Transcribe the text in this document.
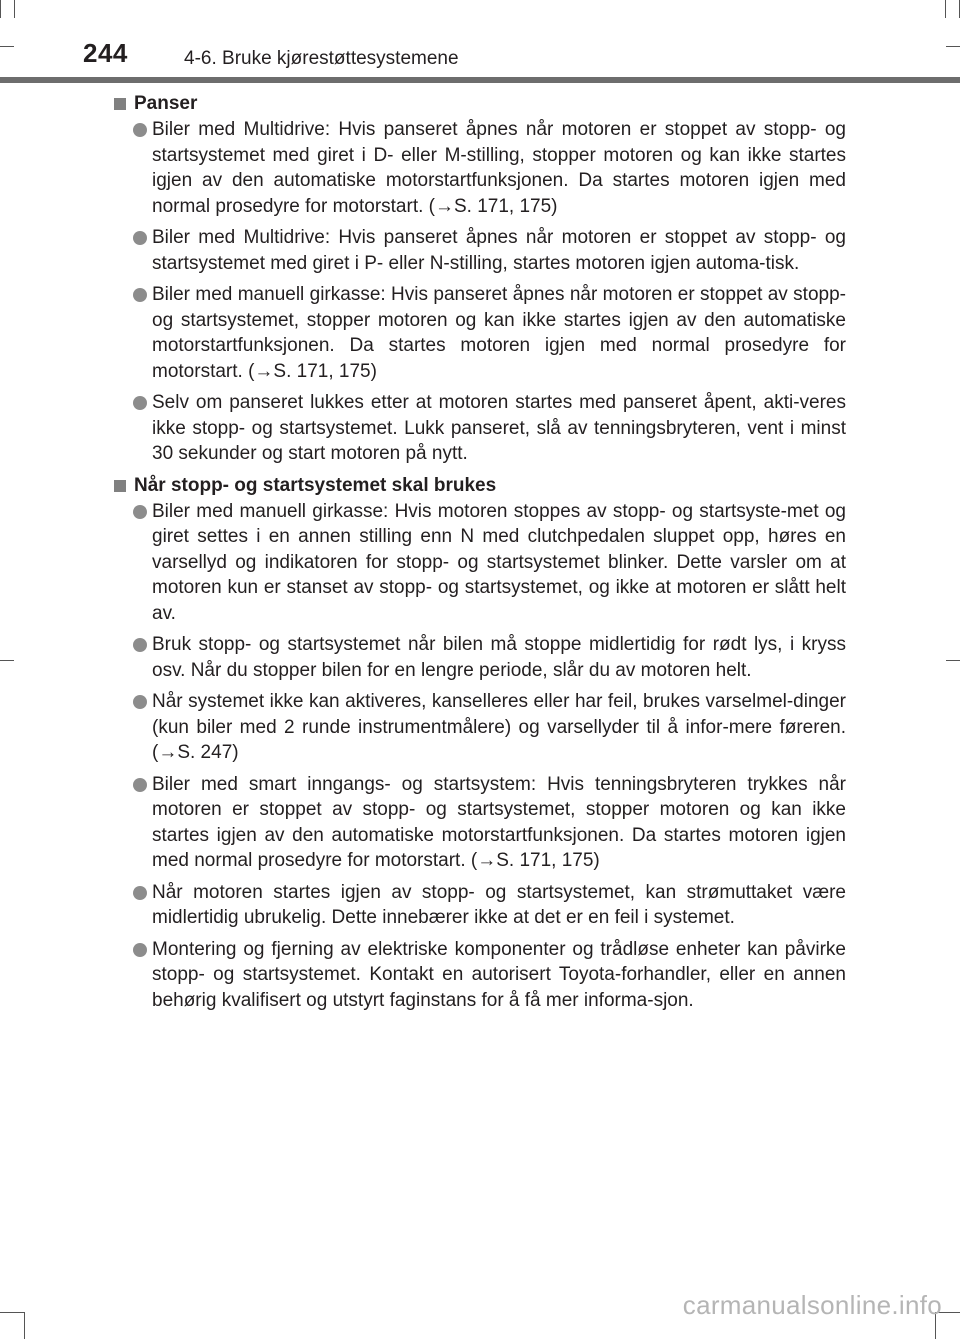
244	4-6. Bruke kjørestøttesystemene
Panser
Biler med Multidrive: Hvis panseret åpnes når motoren er stoppet av stopp- og startsystemet med giret i D- eller M-stilling, stopper motoren og kan ikke startes igjen av den automatiske motorstartfunksjonen. Da startes motoren igjen med normal prosedyre for motorstart. (→S. 171, 175)
Biler med Multidrive: Hvis panseret åpnes når motoren er stoppet av stopp- og startsystemet med giret i P- eller N-stilling, startes motoren igjen automa-tisk.
Biler med manuell girkasse: Hvis panseret åpnes når motoren er stoppet av stopp- og startsystemet, stopper motoren og kan ikke startes igjen av den automatiske motorstartfunksjonen. Da startes motoren igjen med normal prosedyre for motorstart. (→S. 171, 175)
Selv om panseret lukkes etter at motoren startes med panseret åpent, akti-veres ikke stopp- og startsystemet. Lukk panseret, slå av tenningsbryteren, vent i minst 30 sekunder og start motoren på nytt.
Når stopp- og startsystemet skal brukes
Biler med manuell girkasse: Hvis motoren stoppes av stopp- og startsyste-met og giret settes i en annen stilling enn N med clutchpedalen sluppet opp, høres en varsellyd og indikatoren for stopp- og startsystemet blinker. Dette varsler om at motoren kun er stanset av stopp- og startsystemet, og ikke at motoren er slått helt av.
Bruk stopp- og startsystemet når bilen må stoppe midlertidig for rødt lys, i kryss osv. Når du stopper bilen for en lengre periode, slår du av motoren helt.
Når systemet ikke kan aktiveres, kanselleres eller har feil, brukes varselmel-dinger (kun biler med 2 runde instrumentmålere) og varsellyder til å infor-mere føreren. (→S. 247)
Biler med smart inngangs- og startsystem: Hvis tenningsbryteren trykkes når motoren er stoppet av stopp- og startsystemet, stopper motoren og kan ikke startes igjen av den automatiske motorstartfunksjonen. Da startes motoren igjen med normal prosedyre for motorstart. (→S. 171, 175)
Når motoren startes igjen av stopp- og startsystemet, kan strømuttaket være midlertidig ubrukelig. Dette innebærer ikke at det er en feil i systemet.
Montering og fjerning av elektriske komponenter og trådløse enheter kan påvirke stopp- og startsystemet. Kontakt en autorisert Toyota-forhandler, eller en annen behørig kvalifisert og utstyrt faginstans for å få mer informa-sjon.
carmanualsonline.info
